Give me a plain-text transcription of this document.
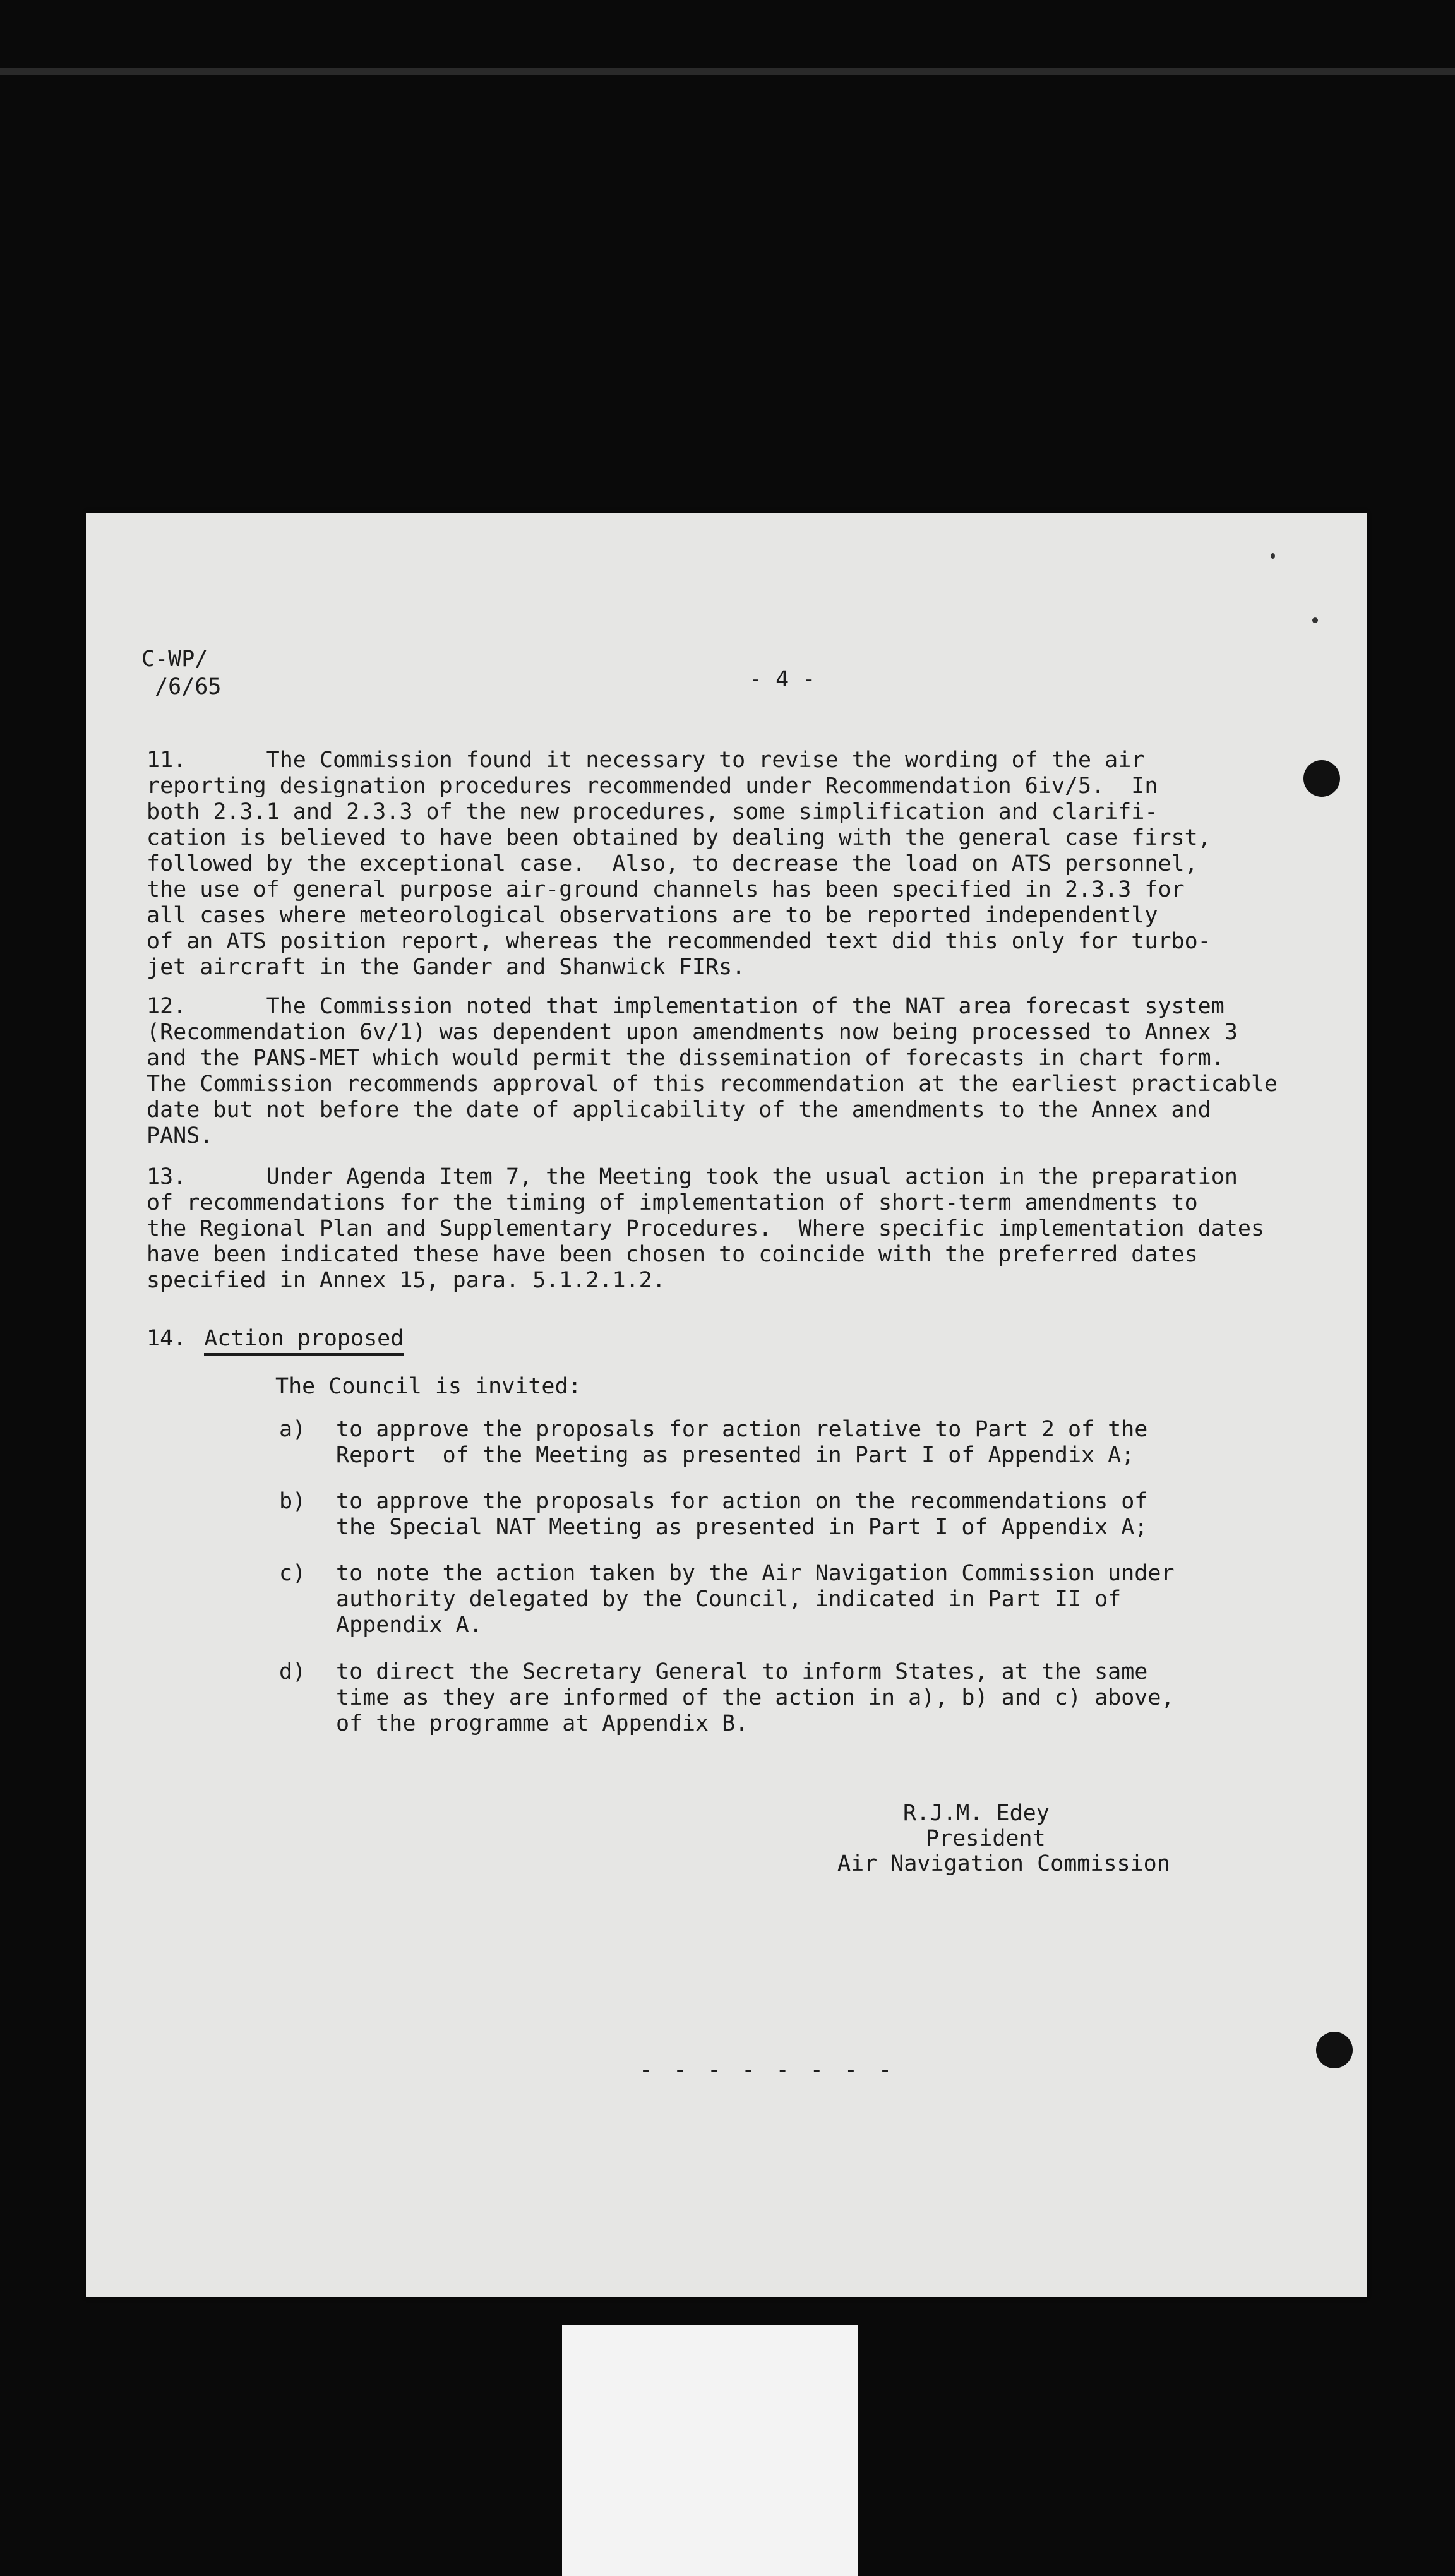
C-WP/
/6/65	- 4 -
11.	The Commission found it necessary to revise the wording of the air
reporting designation procedures recommended under Recommendation 6iv/5.  In
both 2.3.1 and 2.3.3 of the new procedures, some simplification and clarifi-
cation is believed to have been obtained by dealing with the general case first,
followed by the exceptional case.  Also, to decrease the load on ATS personnel,
the use of general purpose air-ground channels has been specified in 2.3.3 for
all cases where meteorological observations are to be reported independently
of an ATS position report, whereas the recommended text did this only for turbo-
jet aircraft in the Gander and Shanwick FIRs.
12.	The Commission noted that implementation of the NAT area forecast system
(Recommendation 6v/1) was dependent upon amendments now being processed to Annex 3
and the PANS-MET which would permit the dissemination of forecasts in chart form.
The Commission recommends approval of this recommendation at the earliest practicable
date but not before the date of applicability of the amendments to the Annex and
PANS.
13.	Under Agenda Item 7, the Meeting took the usual action in the preparation
of recommendations for the timing of implementation of short-term amendments to
the Regional Plan and Supplementary Procedures.  Where specific implementation dates
have been indicated these have been chosen to coincide with the preferred dates
specified in Annex 15, para. 5.1.2.1.2.
14. Action proposed
The Council is invited:
a) to approve the proposals for action relative to Part 2 of the
Report  of the Meeting as presented in Part I of Appendix A;
b) to approve the proposals for action on the recommendations of
the Special NAT Meeting as presented in Part I of Appendix A;
c) to note the action taken by the Air Navigation Commission under
authority delegated by the Council, indicated in Part II of
Appendix A.
d) to direct the Secretary General to inform States, at the same
time as they are informed of the action in a), b) and c) above,
of the programme at Appendix B.
R.J.M. Edey
President
Air Navigation Commission
- - - - - - - -
